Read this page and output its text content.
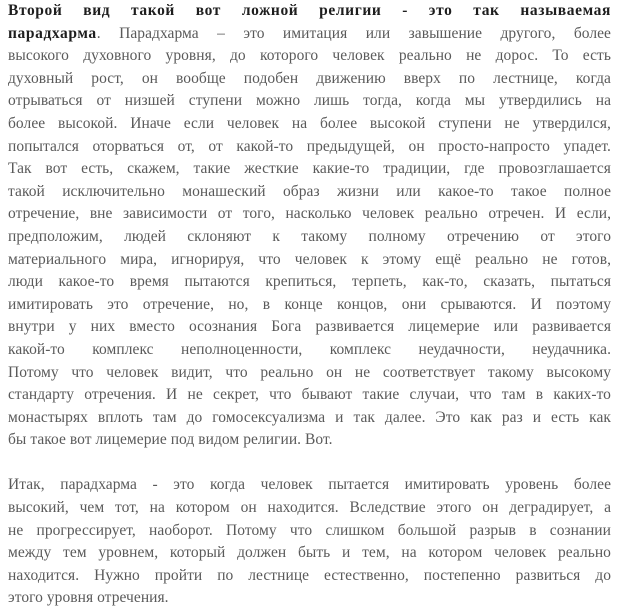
Второй вид такой вот ложной религии - это так называемая
парадхарма. Парадхарма – это имитация или завышение другого, более
высокого духовного уровня, до которого человек реально не дорос. То есть
духовный рост, он вообще подобен движению вверх по лестнице, когда
отрываться от низшей ступени можно лишь тогда, когда мы утвердились на
более высокой. Иначе если человек на более высокой ступени не утвердился,
попытался оторваться от, от какой-то предыдущей, он просто-напросто упадет.
Так вот есть, скажем, такие жесткие какие-то традиции, где провозглашается
такой исключительно монашеский образ жизни или какое-то такое полное
отречение, вне зависимости от того, насколько человек реально отречен. И если,
предположим, людей склоняют к такому полному отречению от этого
материального мира, игнорируя, что человек к этому ещё реально не готов,
люди какое-то время пытаются крепиться, терпеть, как-то, сказать, пытаться
имитировать это отречение, но, в конце концов, они срываются. И поэтому
внутри у них вместо осознания Бога развивается лицемерие или развивается
какой-то комплекс неполноценности, комплекс неудачности, неудачника.
Потому что человек видит, что реально он не соответствует такому высокому
стандарту отречения. И не секрет, что бывают такие случаи, что там в каких-то
монастырях вплоть там до гомосексуализма и так далее. Это как раз и есть как
бы такое вот лицемерие под видом религии. Вот.

Итак, парадхарма - это когда человек пытается имитировать уровень более
высокий, чем тот, на котором он находится. Вследствие этого он деградирует, а
не прогрессирует, наоборот. Потому что слишком большой разрыв в сознании
между тем уровнем, который должен быть и тем, на котором человек реально
находится. Нужно пройти по лестнице естественно, постепенно развиться до
этого уровня отречения.
